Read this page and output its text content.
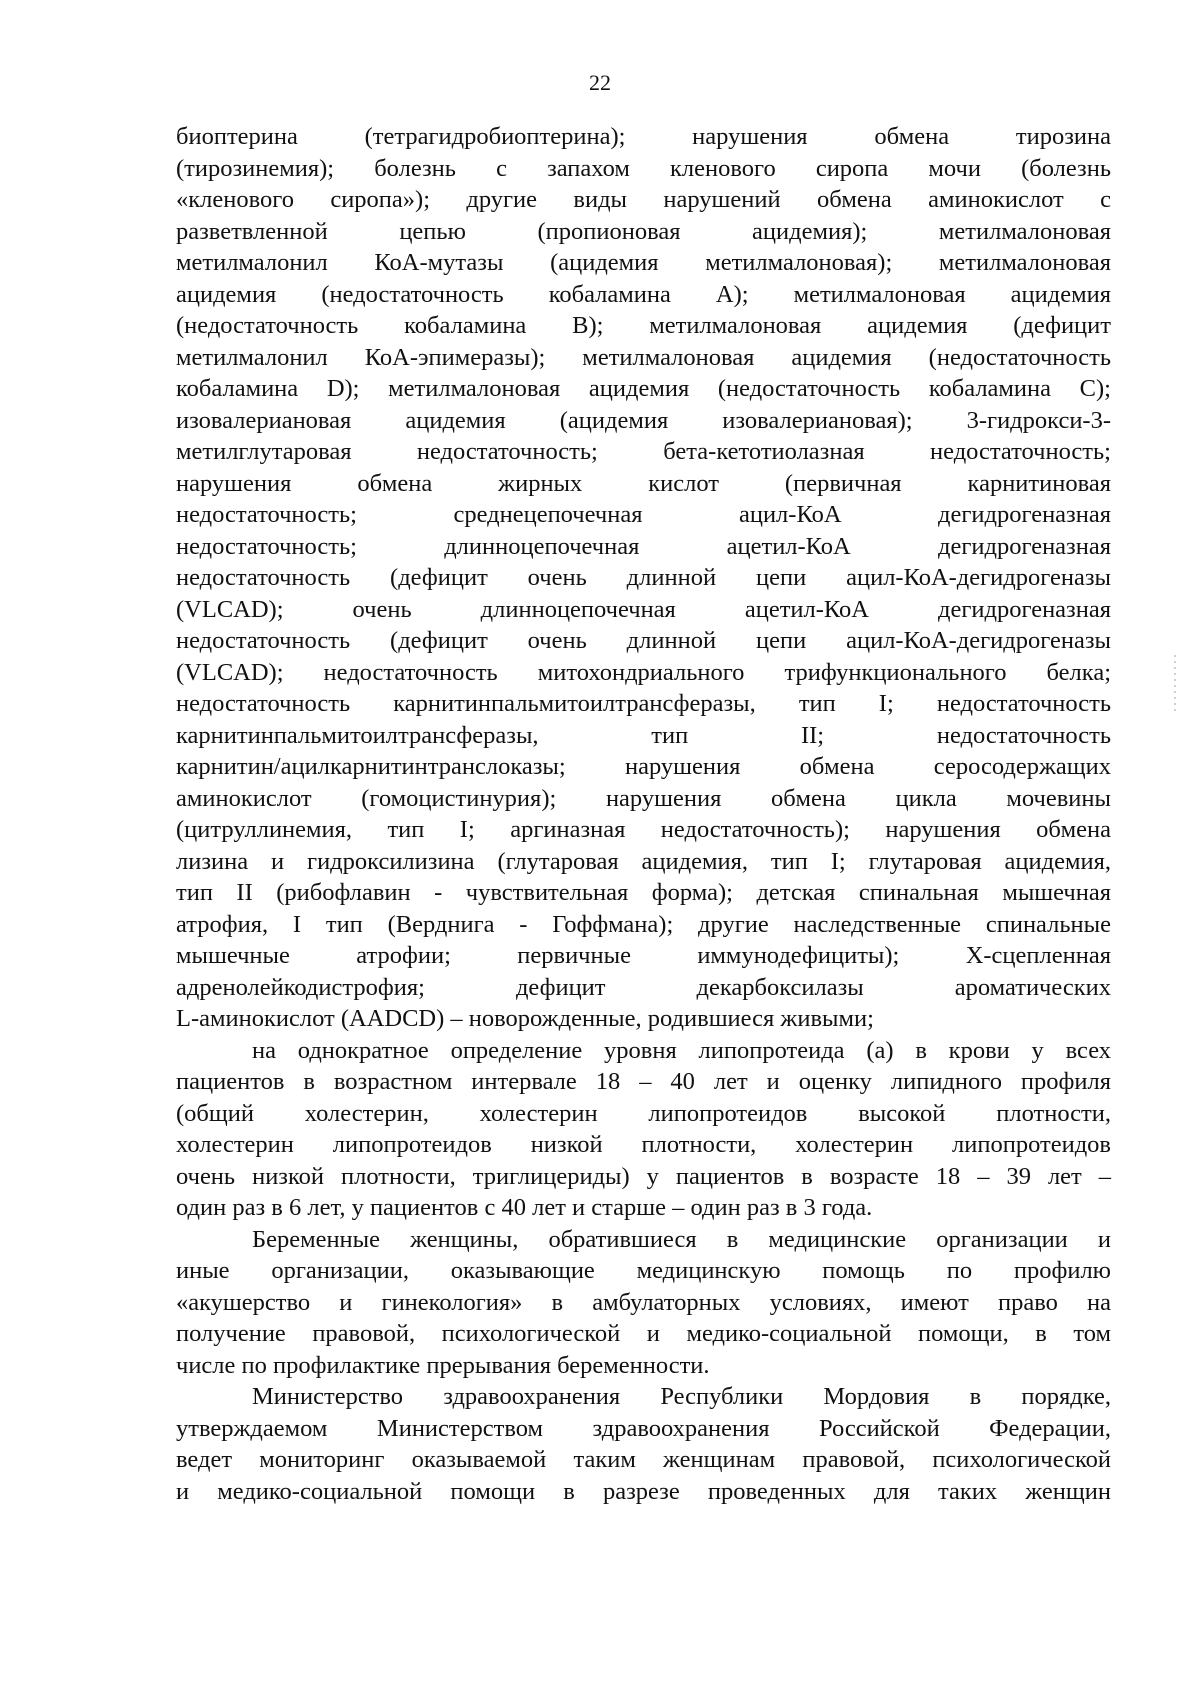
22
биоптерина (тетрагидробиоптерина); нарушения обмена тирозина
(тирозинемия); болезнь с запахом кленового сиропа мочи (болезнь
«кленового сиропа»); другие виды нарушений обмена аминокислот с
разветвленной цепью (пропионовая ацидемия); метилмалоновая
метилмалонил КоА-мутазы (ацидемия метилмалоновая); метилмалоновая
ацидемия (недостаточность кобаламина А); метилмалоновая ацидемия
(недостаточность кобаламина В); метилмалоновая ацидемия (дефицит
метилмалонил КоА-эпимеразы); метилмалоновая ацидемия (недостаточность
кобаламина D); метилмалоновая ацидемия (недостаточность кобаламина С);
изовалериановая ацидемия (ацидемия изовалериановая); 3-гидрокси-3-
метилглутаровая недостаточность; бета-кетотиолазная недостаточность;
нарушения обмена жирных кислот (первичная карнитиновая
недостаточность; среднецепочечная ацил-КоА дегидрогеназная
недостаточность; длинноцепочечная ацетил-КоА дегидрогеназная
недостаточность (дефицит очень длинной цепи ацил-КоА-дегидрогеназы
(VLCAD); очень длинноцепочечная ацетил-КоА дегидрогеназная
недостаточность (дефицит очень длинной цепи ацил-КоА-дегидрогеназы
(VLCAD); недостаточность митохондриального трифункционального белка;
недостаточность карнитинпальмитоилтрансферазы, тип I; недостаточность
карнитинпальмитоилтрансферазы, тип II; недостаточность
карнитин/ацилкарнитинтранслоказы; нарушения обмена серосодержащих
аминокислот (гомоцистинурия); нарушения обмена цикла мочевины
(цитруллинемия, тип I; аргиназная недостаточность); нарушения обмена
лизина и гидроксилизина (глутаровая ацидемия, тип I; глутаровая ацидемия,
тип II (рибофлавин - чувствительная форма); детская спинальная мышечная
атрофия, I тип (Верднига - Гоффмана); другие наследственные спинальные
мышечные атрофии; первичные иммунодефициты); Х-сцепленная
адренолейкодистрофия; дефицит декарбоксилазы ароматических
L-аминокислот (AADCD) – новорожденные, родившиеся живыми;
на однократное определение уровня липопротеида (а) в крови у всех
пациентов в возрастном интервале 18 – 40 лет и оценку липидного профиля
(общий холестерин, холестерин липопротеидов высокой плотности,
холестерин липопротеидов низкой плотности, холестерин липопротеидов
очень низкой плотности, триглицериды) у пациентов в возрасте 18 – 39 лет –
один раз в 6 лет, у пациентов с 40 лет и старше – один раз в 3 года.
Беременные женщины, обратившиеся в медицинские организации и
иные организации, оказывающие медицинскую помощь по профилю
«акушерство и гинекология» в амбулаторных условиях, имеют право на
получение правовой, психологической и медико-социальной помощи, в том
числе по профилактике прерывания беременности.
Министерство здравоохранения Республики Мордовия в порядке,
утверждаемом Министерством здравоохранения Российской Федерации,
ведет мониторинг оказываемой таким женщинам правовой, психологической
и медико-социальной помощи в разрезе проведенных для таких женщин
